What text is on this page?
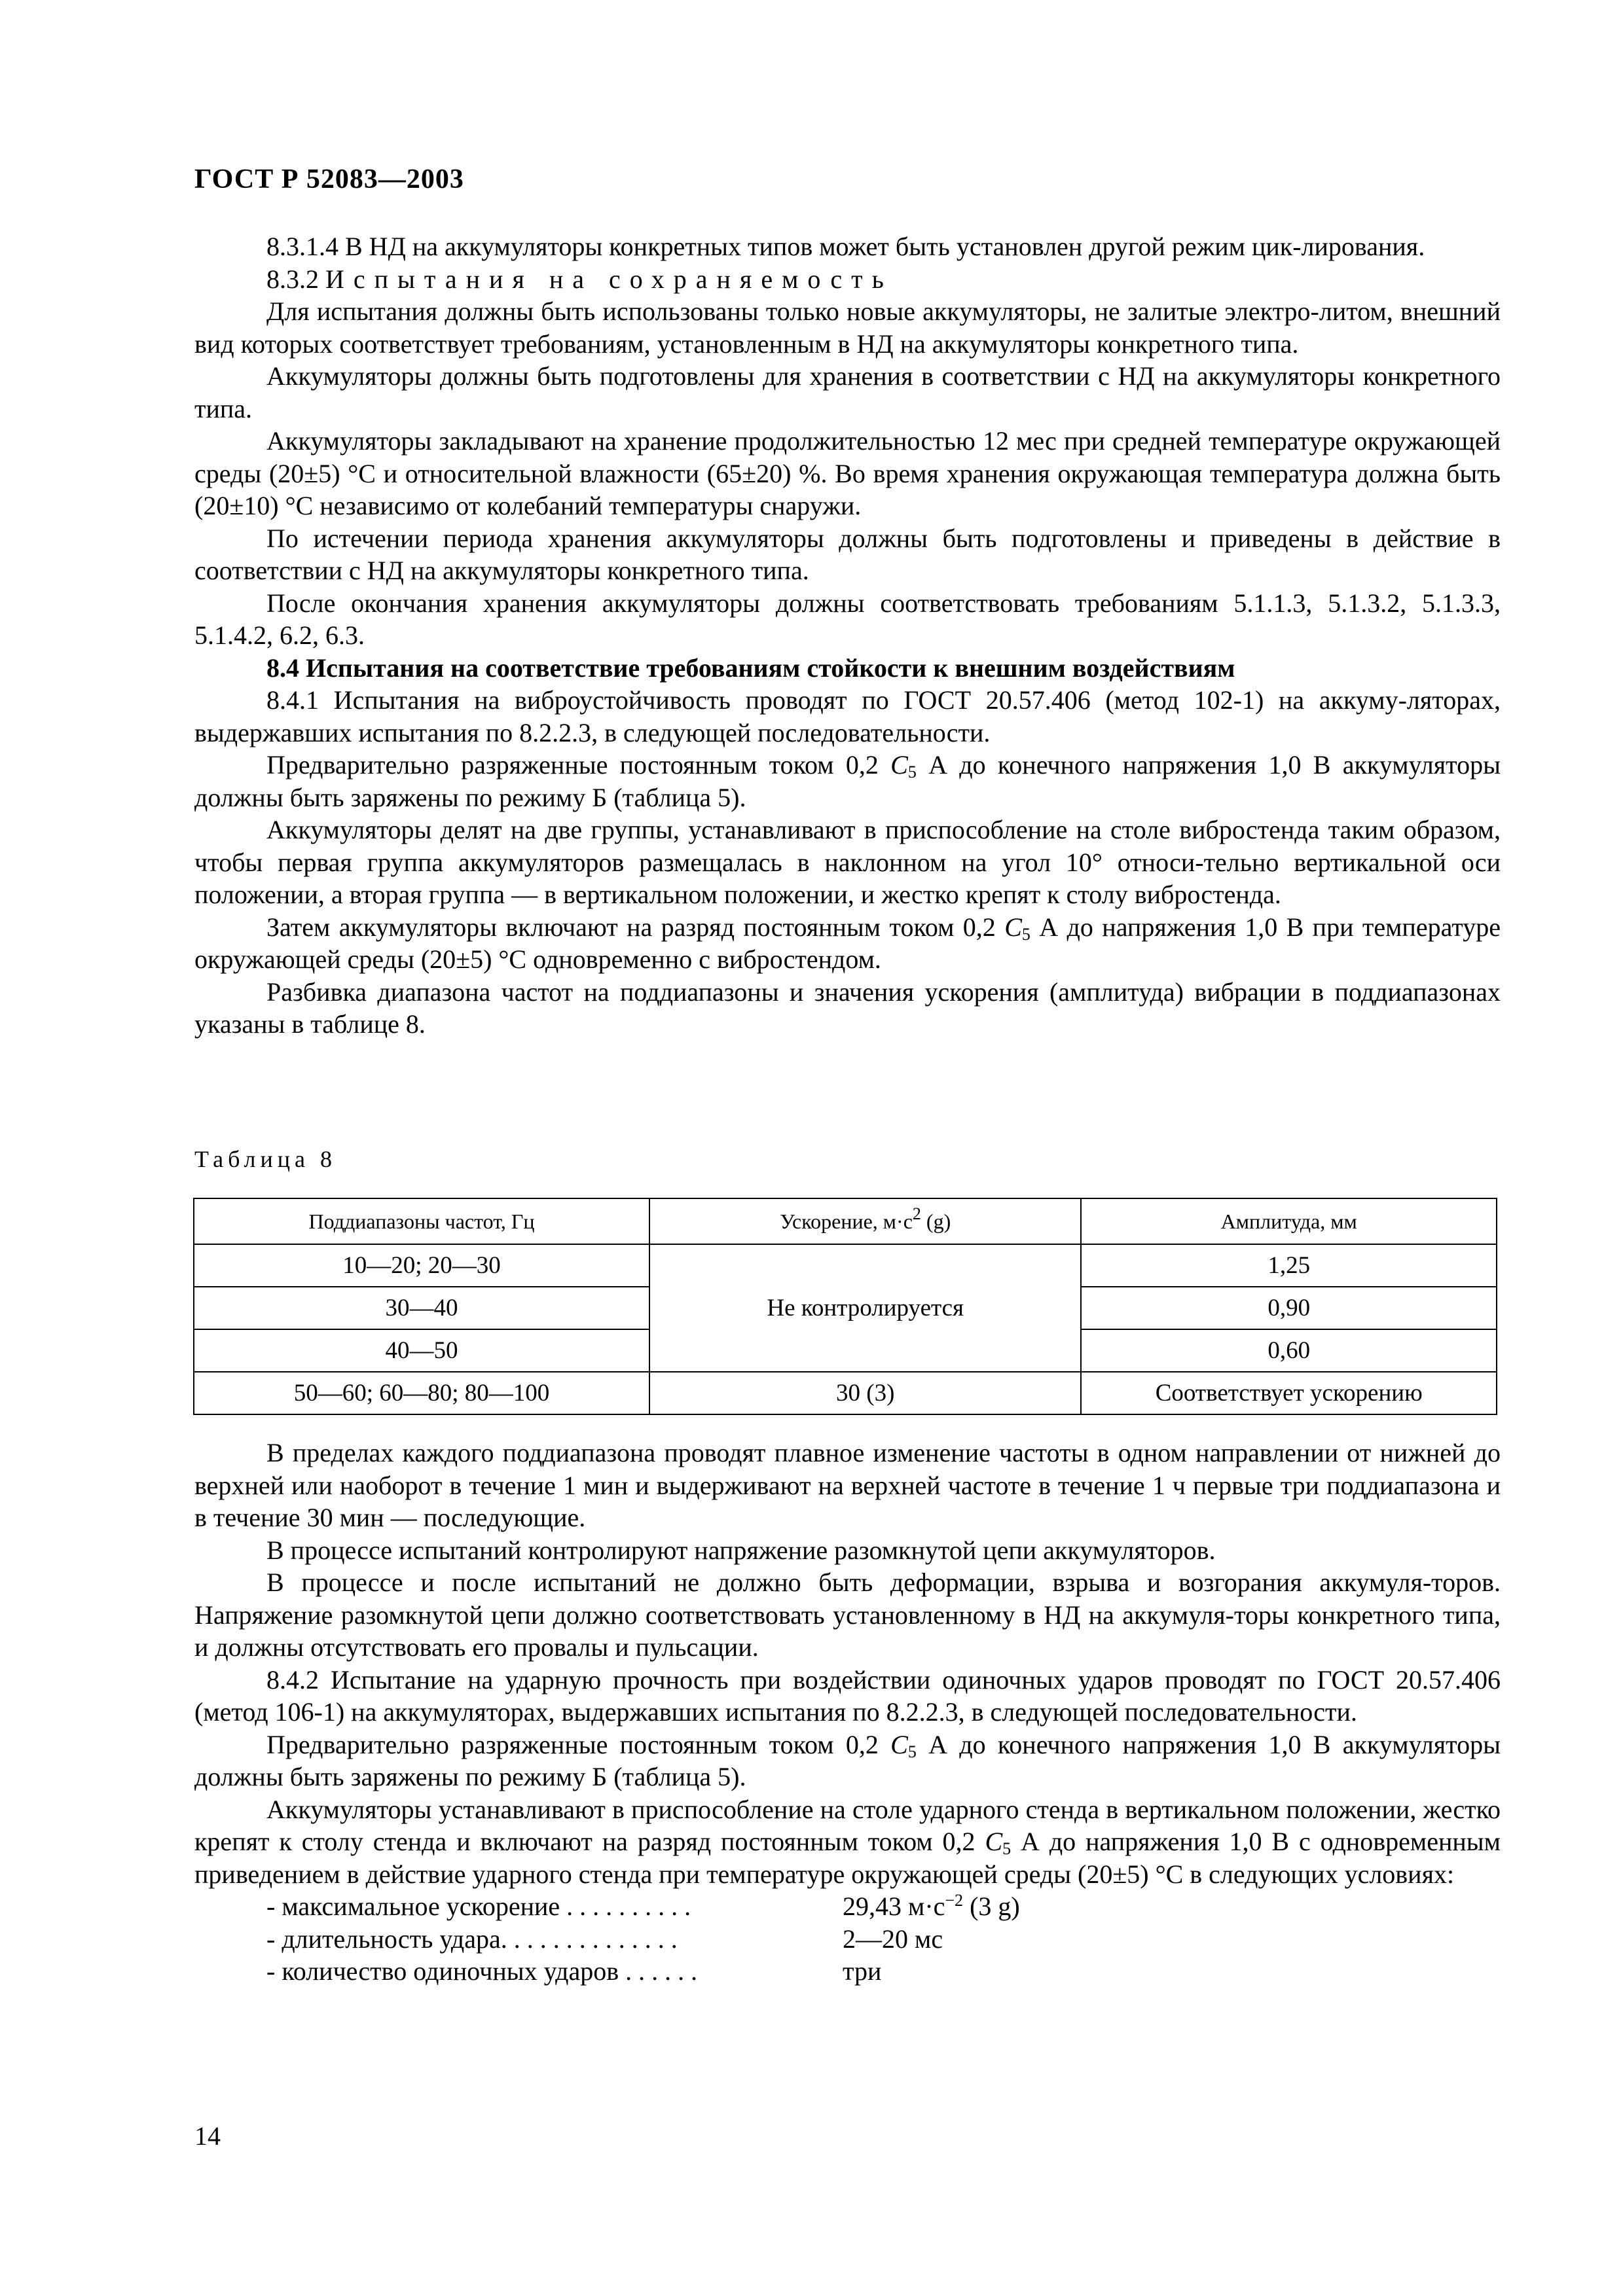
ГОСТ Р 52083—2003

8.3.1.4 В НД на аккумуляторы конкретных типов может быть установлен другой режим цик-лирования.

8.3.2 Испытания на сохраняемость

Для испытания должны быть использованы только новые аккумуляторы, не залитые электро-литом, внешний вид которых соответствует требованиям, установленным в НД на аккумуляторы конкретного типа.

Аккумуляторы должны быть подготовлены для хранения в соответствии с НД на аккумуляторы конкретного типа.

Аккумуляторы закладывают на хранение продолжительностью 12 мес при средней температуре окружающей среды (20±5) °С и относительной влажности (65±20) %. Во время хранения окружающая температура должна быть (20±10) °С независимо от колебаний температуры снаружи.

По истечении периода хранения аккумуляторы должны быть подготовлены и приведены в действие в соответствии с НД на аккумуляторы конкретного типа.

После окончания хранения аккумуляторы должны соответствовать требованиям 5.1.1.3, 5.1.3.2, 5.1.3.3, 5.1.4.2, 6.2, 6.3.

8.4 Испытания на соответствие требованиям стойкости к внешним воздействиям

8.4.1 Испытания на виброустойчивость проводят по ГОСТ 20.57.406 (метод 102-1) на аккуму-ляторах, выдержавших испытания по 8.2.2.3, в следующей последовательности.

Предварительно разряженные постоянным током 0,2 $C_5$ А до конечного напряжения 1,0 В аккумуляторы должны быть заряжены по режиму Б (таблица 5).

Аккумуляторы делят на две группы, устанавливают в приспособление на столе вибростенда таким образом, чтобы первая группа аккумуляторов размещалась в наклонном на угол 10° относи-тельно вертикальной оси положении, а вторая группа — в вертикальном положении, и жестко крепят к столу вибростенда.

Затем аккумуляторы включают на разряд постоянным током 0,2 $C_5$ А до напряжения 1,0 В при температуре окружающей среды (20±5) °С одновременно с вибростендом.

Разбивка диапазона частот на поддиапазоны и значения ускорения (амплитуда) вибрации в поддиапазонах указаны в таблице 8.

Таблица 8
Поддиапазоны частот, Гц	Ускорение, $м\cdot с^2$ (g)	Амплитуда, мм
10—20; 20—30	Не контролируется	1,25
30—40		0,90
40—50		0,60
50—60; 60—80; 80—100	30 (3)	Соответствует ускорению

В пределах каждого поддиапазона проводят плавное изменение частоты в одном направлении от нижней до верхней или наоборот в течение 1 мин и выдерживают на верхней частоте в течение 1 ч первые три поддиапазона и в течение 30 мин — последующие.

В процессе испытаний контролируют напряжение разомкнутой цепи аккумуляторов.

В процессе и после испытаний не должно быть деформации, взрыва и возгорания аккумуля-торов. Напряжение разомкнутой цепи должно соответствовать установленному в НД на аккумуля-торы конкретного типа, и должны отсутствовать его провалы и пульсации.

8.4.2 Испытание на ударную прочность при воздействии одиночных ударов проводят по ГОСТ 20.57.406 (метод 106-1) на аккумуляторах, выдержавших испытания по 8.2.2.3, в следующей последовательности.

Предварительно разряженные постоянным током 0,2 $C_5$ А до конечного напряжения 1,0 В аккумуляторы должны быть заряжены по режиму Б (таблица 5).

Аккумуляторы устанавливают в приспособление на столе ударного стенда в вертикальном положении, жестко крепят к столу стенда и включают на разряд постоянным током 0,2 $C_5$ А до напряжения 1,0 В с одновременным приведением в действие ударного стенда при температуре окружающей среды (20±5) °С в следующих условиях:

- максимальное ускорение . . . . . . . . . .	29,43 $м\cdot с^{-2}$ (3 g)
- длительность удара. . . . . . . . . . . . . .	2—20 мс
- количество одиночных ударов . . . . . .	три
14
